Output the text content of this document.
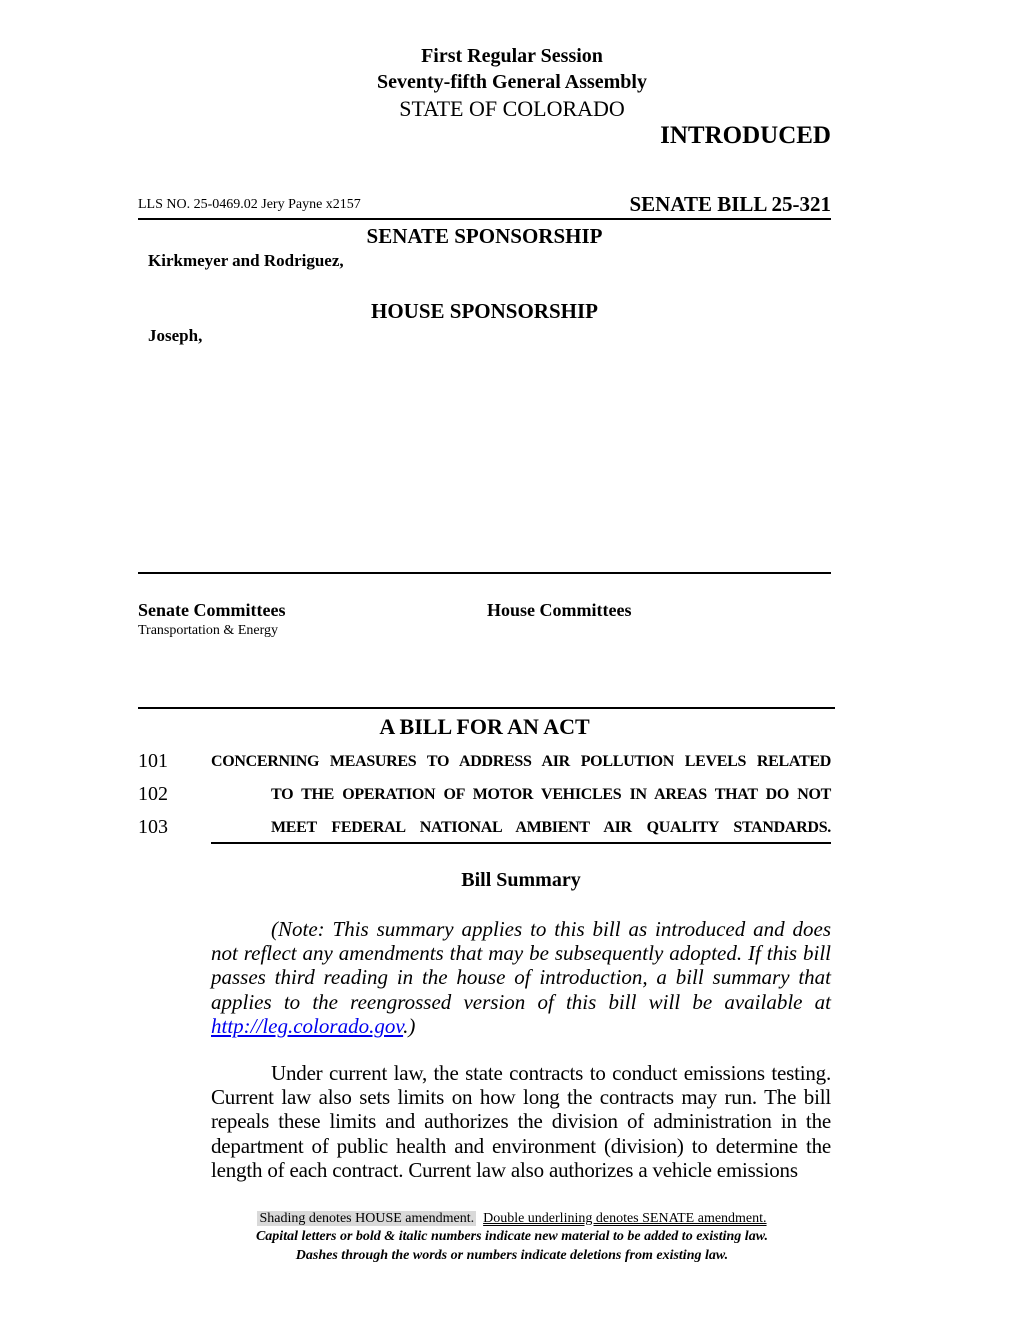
First Regular Session
Seventy-fifth General Assembly
STATE OF COLORADO
INTRODUCED
LLS NO. 25-0469.02 Jery Payne x2157	SENATE BILL 25-321
SENATE SPONSORSHIP
Kirkmeyer and Rodriguez,
HOUSE SPONSORSHIP
Joseph,
Senate Committees
Transportation & Energy
House Committees
A BILL FOR AN ACT
101	CONCERNING MEASURES TO ADDRESS AIR POLLUTION LEVELS RELATED
102	TO THE OPERATION OF MOTOR VEHICLES IN AREAS THAT DO NOT
103	MEET FEDERAL NATIONAL AMBIENT AIR QUALITY STANDARDS.
Bill Summary
(Note: This summary applies to this bill as introduced and does not reflect any amendments that may be subsequently adopted. If this bill passes third reading in the house of introduction, a bill summary that applies to the reengrossed version of this bill will be available at http://leg.colorado.gov.)
Under current law, the state contracts to conduct emissions testing. Current law also sets limits on how long the contracts may run. The bill repeals these limits and authorizes the division of administration in the department of public health and environment (division) to determine the length of each contract. Current law also authorizes a vehicle emissions
Shading denotes HOUSE amendment. Double underlining denotes SENATE amendment.
Capital letters or bold & italic numbers indicate new material to be added to existing law.
Dashes through the words or numbers indicate deletions from existing law.
